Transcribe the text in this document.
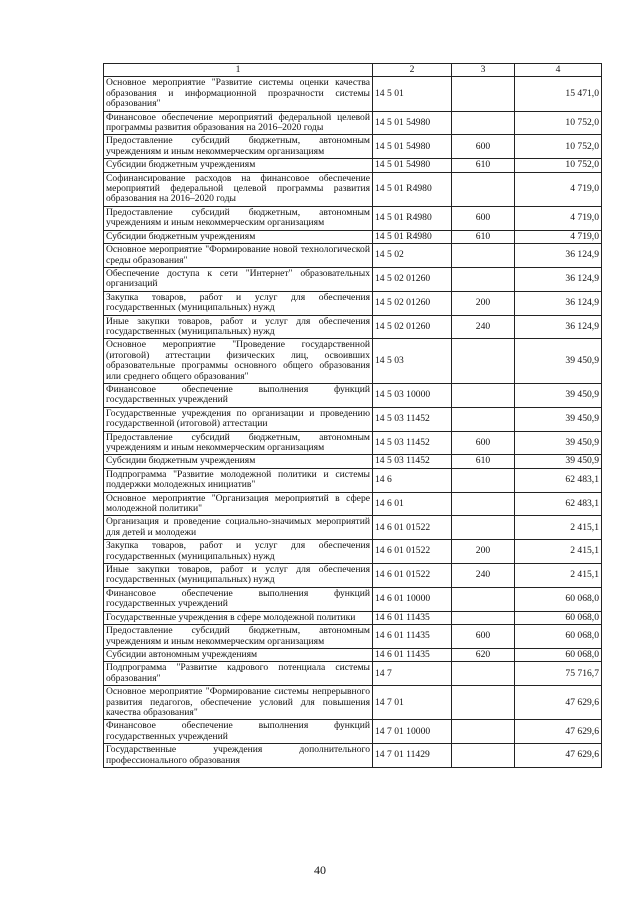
1	2	3	4
Основное мероприятие "Развитие системы оценки качества образования и информационной прозрачности системы образования"	14 5 01		15 471,0
Финансовое обеспечение мероприятий федеральной целевой программы развития образования на 2016–2020 годы	14 5 01 54980		10 752,0
Предоставление субсидий бюджетным, автономным учреждениям и иным некоммерческим организациям	14 5 01 54980	600	10 752,0
Субсидии бюджетным учреждениям	14 5 01 54980	610	10 752,0
Софинансирование расходов на финансовое обеспечение мероприятий федеральной целевой программы развития образования на 2016–2020 годы	14 5 01 R4980		4 719,0
Предоставление субсидий бюджетным, автономным учреждениям и иным некоммерческим организациям	14 5 01 R4980	600	4 719,0
Субсидии бюджетным учреждениям	14 5 01 R4980	610	4 719,0
Основное мероприятие "Формирование новой технологической среды образования"	14 5 02		36 124,9
Обеспечение доступа к сети "Интернет" образовательных организаций	14 5 02 01260		36 124,9
Закупка товаров, работ и услуг для обеспечения государственных (муниципальных) нужд	14 5 02 01260	200	36 124,9
Иные закупки товаров, работ и услуг для обеспечения государственных (муниципальных) нужд	14 5 02 01260	240	36 124,9
Основное мероприятие "Проведение государственной (итоговой) аттестации физических лиц, освоивших образовательные программы основного общего образования или среднего общего образования"	14 5 03		39 450,9
Финансовое обеспечение выполнения функций государственных учреждений	14 5 03 10000		39 450,9
Государственные учреждения по организации и проведению государственной (итоговой) аттестации	14 5 03 11452		39 450,9
Предоставление субсидий бюджетным, автономным учреждениям и иным некоммерческим организациям	14 5 03 11452	600	39 450,9
Субсидии бюджетным учреждениям	14 5 03 11452	610	39 450,9
Подпрограмма "Развитие молодежной политики и системы поддержки молодежных инициатив"	14 6		62 483,1
Основное мероприятие "Организация мероприятий в сфере молодежной политики"	14 6 01		62 483,1
Организация и проведение социально-значимых мероприятий для детей и молодежи	14 6 01 01522		2 415,1
Закупка товаров, работ и услуг для обеспечения государственных (муниципальных) нужд	14 6 01 01522	200	2 415,1
Иные закупки товаров, работ и услуг для обеспечения государственных (муниципальных) нужд	14 6 01 01522	240	2 415,1
Финансовое обеспечение выполнения функций государственных учреждений	14 6 01 10000		60 068,0
Государственные учреждения в сфере молодежной политики	14 6 01 11435		60 068,0
Предоставление субсидий бюджетным, автономным учреждениям и иным некоммерческим организациям	14 6 01 11435	600	60 068,0
Субсидии автономным учреждениям	14 6 01 11435	620	60 068,0
Подпрограмма "Развитие кадрового потенциала системы образования"	14 7		75 716,7
Основное мероприятие "Формирование системы непрерывного развития педагогов, обеспечение условий для повышения качества образования"	14 7 01		47 629,6
Финансовое обеспечение выполнения функций государственных учреждений	14 7 01 10000		47 629,6
Государственные учреждения дополнительного профессионального образования	14 7 01 11429		47 629,6
40
